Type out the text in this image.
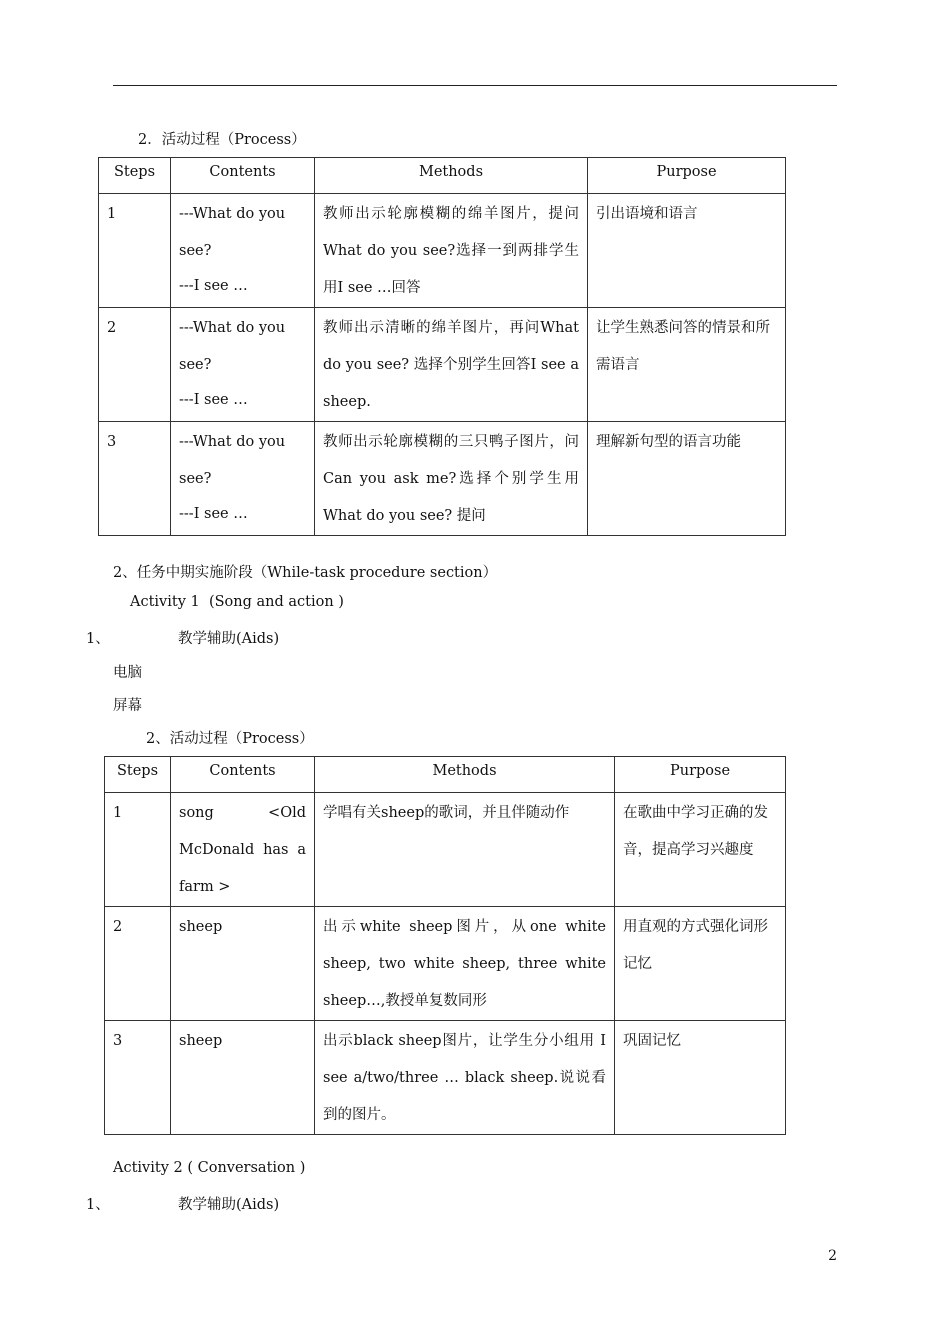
2．活动过程（Process）
Steps	Contents	Methods	Purpose
1	---What do you
see?
---I see …	教师出示轮廓模糊的绵羊图片，提问What do you see?选择一到两排学生用I see …回答	引出语境和语言
2	---What do you
see?
---I see …	教师出示清晰的绵羊图片，再问What do you see? 选择个别学生回答I see a sheep.	让学生熟悉问答的情景和所需语言
3	---What do you
see?
---I see …	教师出示轮廓模糊的三只鸭子图片，问Can you ask me?选择个别学生用What do you see? 提问	理解新句型的语言功能
2、任务中期实施阶段（While-task procedure section）
Activity 1  (Song and action )
1、	教学辅助(Aids)
电脑
屏幕
2、活动过程（Process）
Steps	Contents	Methods	Purpose
1	song <Old McDonald has a farm >	学唱有关sheep的歌词，并且伴随动作	在歌曲中学习正确的发音，提高学习兴趣度
2	sheep	出示white sheep图片，从one white sheep, two white sheep, three white sheep…,教授单复数同形	用直观的方式强化词形记忆
3	sheep	出示black sheep图片，让学生分小组用 I see a/two/three … black sheep.说说看到的图片。	巩固记忆
Activity 2 ( Conversation )
1、	教学辅助(Aids)
2
